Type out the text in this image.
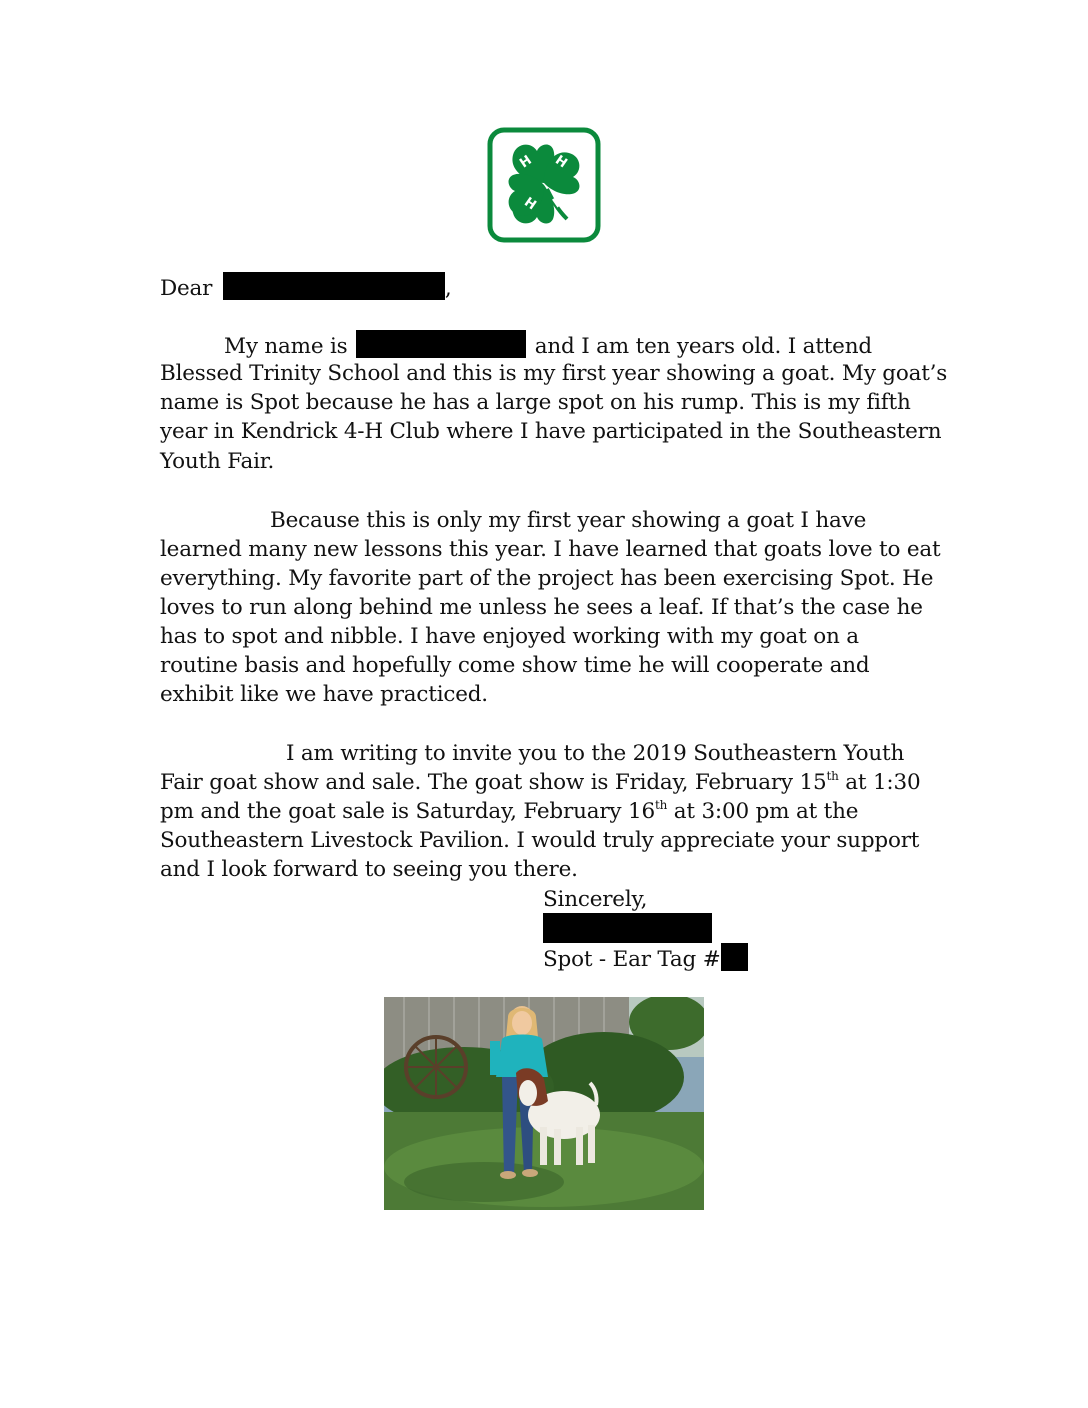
H H
H H
Dear	,
My name is	and I am ten years old. I attend
Blessed Trinity School and this is my first year showing a goat. My goat’s
name is Spot because he has a large spot on his rump. This is my fifth
year in Kendrick 4-H Club where I have participated in the Southeastern
Youth Fair.
Because this is only my first year showing a goat I have
learned many new lessons this year. I have learned that goats love to eat
everything. My favorite part of the project has been exercising Spot. He
loves to run along behind me unless he sees a leaf. If that’s the case he
has to spot and nibble. I have enjoyed working with my goat on a
routine basis and hopefully come show time he will cooperate and
exhibit like we have practiced.
I am writing to invite you to the 2019 Southeastern Youth
Fair goat show and sale. The goat show is Friday, February 15th at 1:30
pm and the goat sale is Saturday, February 16th at 3:00 pm at the
Southeastern Livestock Pavilion. I would truly appreciate your support
and I look forward to seeing you there.
Sincerely,
Spot - Ear Tag #
